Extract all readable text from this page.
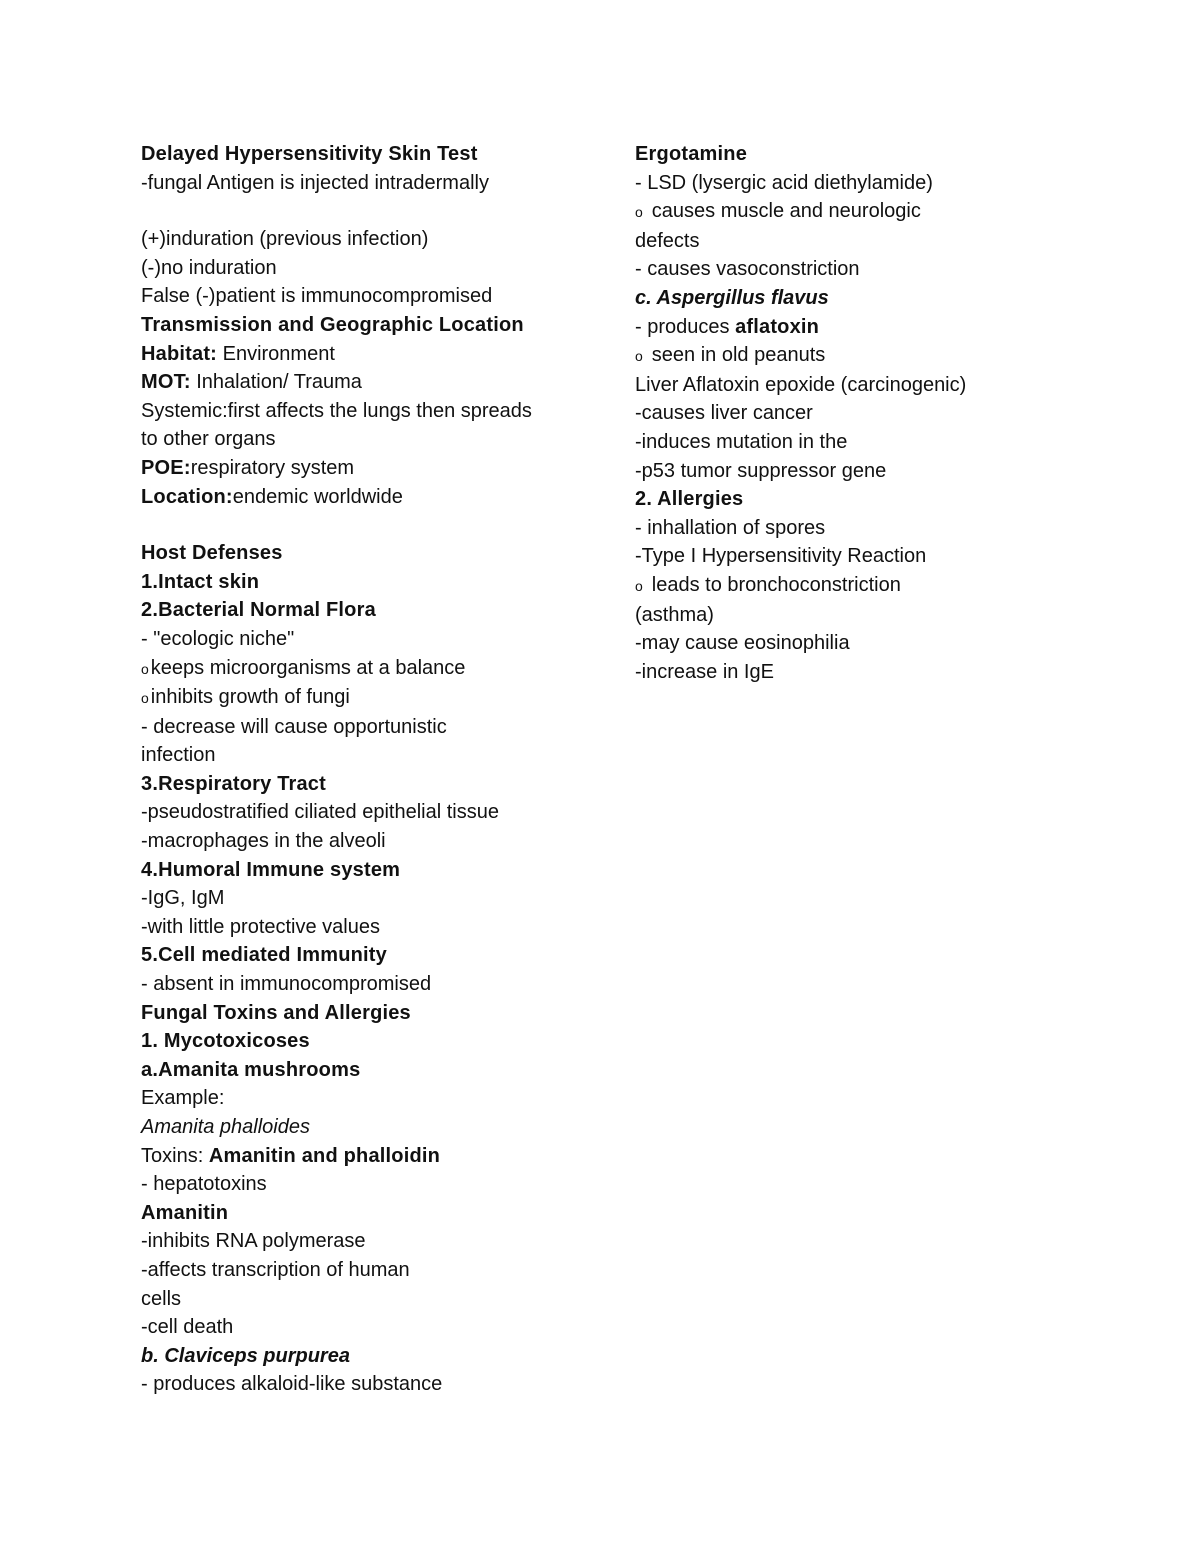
Delayed Hypersensitivity Skin Test
-fungal Antigen is injected intradermally
(+)induration (previous infection)
(-)no induration
False (-)patient is immunocompromised
Transmission and Geographic Location
Habitat: Environment
MOT: Inhalation/ Trauma
Systemic:first affects the lungs then spreads
to other organs
POE:respiratory system
Location:endemic worldwide
Host Defenses
1.Intact skin
2.Bacterial Normal Flora
- "ecologic niche"
o keeps microorganisms at a balance
o inhibits growth of fungi
- decrease will cause opportunistic
infection
3.Respiratory Tract
-pseudostratified ciliated epithelial tissue
-macrophages in the alveoli
4.Humoral Immune system
-IgG, IgM
-with little protective values
5.Cell mediated Immunity
- absent in immunocompromised
Fungal Toxins and Allergies
1. Mycotoxicoses
a.Amanita mushrooms
Example:
Amanita phalloides
Toxins: Amanitin and phalloidin
- hepatotoxins
Amanitin
-inhibits RNA polymerase
-affects transcription of human
cells
-cell death
b. Claviceps purpurea
- produces alkaloid-like substance
Ergotamine
- LSD (lysergic acid diethylamide)
o causes muscle and neurologic
defects
- causes vasoconstriction
c. Aspergillus flavus
- produces aflatoxin
o seen in old peanuts
Liver Aflatoxin epoxide (carcinogenic)
-causes liver cancer
-induces mutation in the
-p53 tumor suppressor gene
2. Allergies
- inhallation of spores
-Type I Hypersensitivity Reaction
o leads to bronchoconstriction
(asthma)
-may cause eosinophilia
-increase in IgE
